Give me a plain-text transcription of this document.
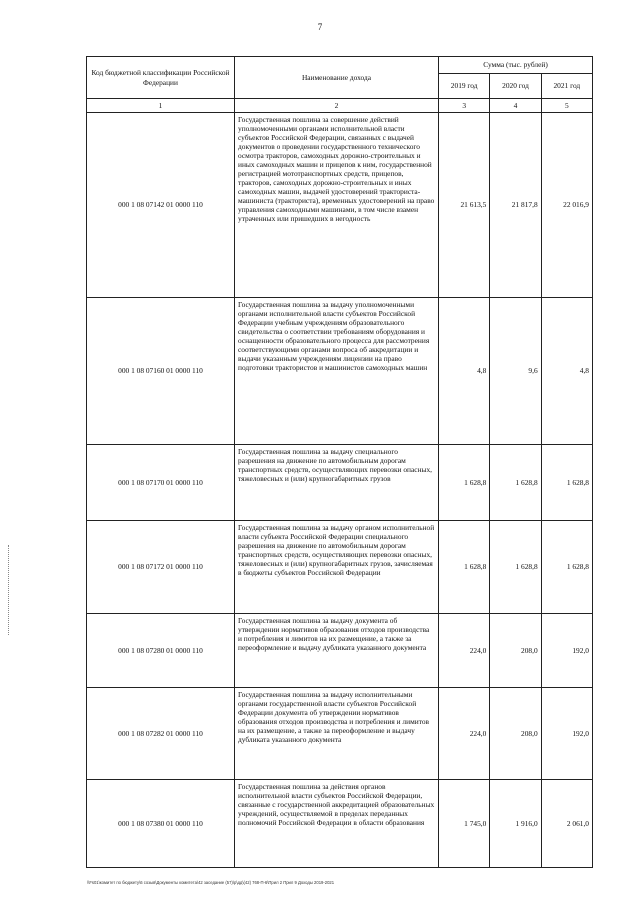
7
Код бюджетной классификации Российской Федерации	Наименование дохода	Сумма (тыс. рублей)		
		2019 год	2020 год	2021 год
1	2	3	4	5
000 1 08 07142 01 0000 110	Государственная пошлина за совершение действий уполномоченными органами исполнительной власти субъектов Российской Федерации, связанных с выдачей документов о проведении государственного технического осмотра тракторов, самоходных дорожно-строительных и иных самоходных машин и прицепов к ним, государственной регистрацией мототранспортных средств, прицепов, тракторов, самоходных дорожно-строительных и иных самоходных машин, выдачей удостоверений тракториста-машиниста (тракториста), временных удостоверений на право управления самоходными машинами, в том числе взамен утраченных или пришедших в негодность	21 613,5	21 817,8	22 016,9
000 1 08 07160 01 0000 110	Государственная пошлина за выдачу уполномоченными органами исполнительной власти субъектов Российской Федерации учебным учреждениям образовательного свидетельства о соответствии требованиям оборудования и оснащенности образовательного процесса для рассмотрения соответствующими органами вопроса об аккредитации и выдачи указанным учреждениям лицензии на право подготовки трактористов и машинистов самоходных машин	4,8	9,6	4,8
000 1 08 07170 01 0000 110	Государственная пошлина за выдачу специального разрешения на движение по автомобильным дорогам транспортных средств, осуществляющих перевозки опасных, тяжеловесных и (или) крупногабаритных грузов	1 628,8	1 628,8	1 628,8
000 1 08 07172 01 0000 110	Государственная пошлина за выдачу органом исполнительной власти субъекта Российской Федерации специального разрешения на движение по автомобильным дорогам транспортных средств, осуществляющих перевозки опасных, тяжеловесных и (или) крупногабаритных грузов, зачисляемая в бюджеты субъектов Российской Федерации	1 628,8	1 628,8	1 628,8
000 1 08 07280 01 0000 110	Государственная пошлина за выдачу документа об утверждении нормативов образования отходов производства и потребления и лимитов на их размещение, а также за переоформление и выдачу дубликата указанного документа	224,0	208,0	192,0
000 1 08 07282 01 0000 110	Государственная пошлина за выдачу исполнительными органами государственной власти субъектов Российской Федерации документа об утверждении нормативов образования отходов производства и потребления и лимитов на их размещение, а также за переоформление и выдачу дубликата указанного документа	224,0	208,0	192,0
000 1 08 07380 01 0000 110	Государственная пошлина за действия органов исполнительной власти субъектов Российской Федерации, связанные с государственной аккредитацией образовательных учреждений, осуществляемой в пределах переданных полномочий Российской Федерации в области образования	1 745,0	1 916,0	2 061,0
\\Fs01\комитет по бюджету\6 созыв\Документы комитета\42 заседание (57)\р\дд\(42) 768-П-6\Прил 2 Прил 9 Доходы 2019-2021
